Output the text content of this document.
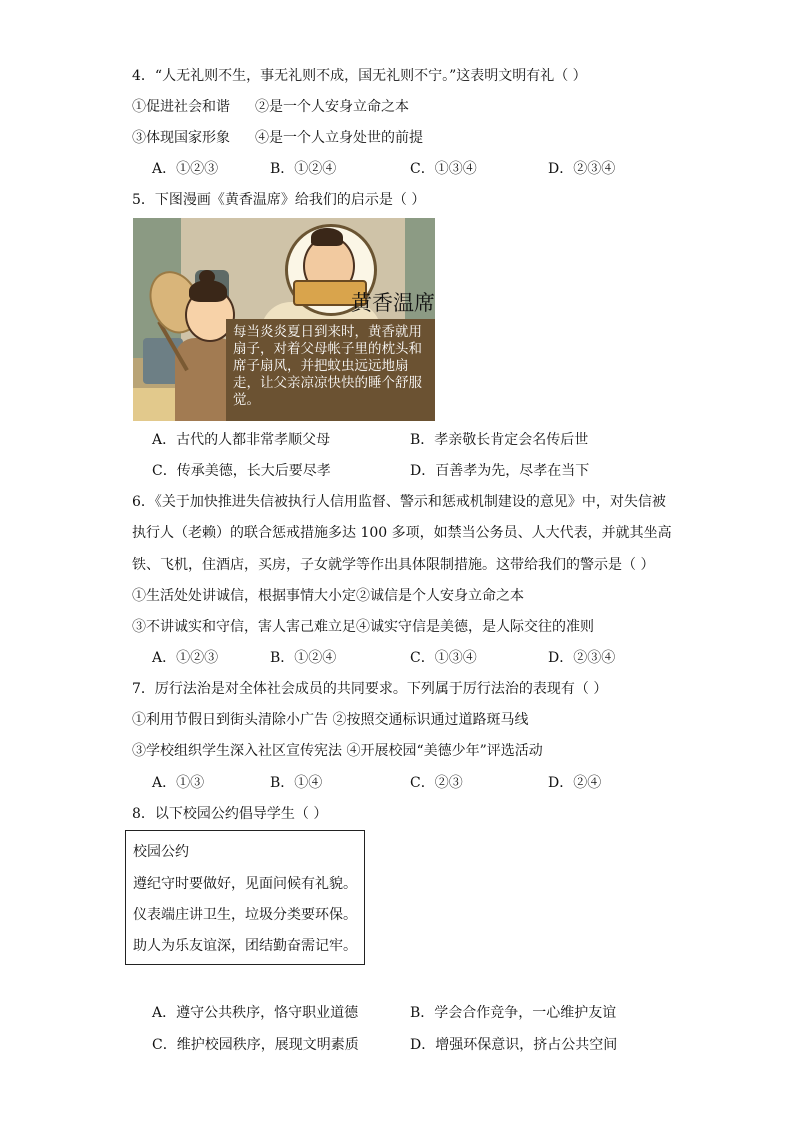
4．“人无礼则不生，事无礼则不成，国无礼则不宁。”这表明文明有礼（ ）
①促进社会和谐 ②是一个人安身立命之本
③体现国家形象 ④是一个人立身处世的前提
A．①②③	B．①②④	C．①③④	D．②③④
5．下图漫画《黄香温席》给我们的启示是（ ）
黄香温席
每当炎炎夏日到来时，黄香就用扇子，对着父母帐子里的枕头和席子扇风，并把蚊虫远远地扇走，让父亲凉凉快快的睡个舒服觉。
A．古代的人都非常孝顺父母	B．孝亲敬长肯定会名传后世
C．传承美德，长大后要尽孝	D．百善孝为先，尽孝在当下
6．《关于加快推进失信被执行人信用监督、警示和惩戒机制建设的意见》中，对失信被
执行人（老赖）的联合惩戒措施多达 100 多项，如禁当公务员、人大代表，并就其坐高
铁、飞机，住酒店，买房，子女就学等作出具体限制措施。这带给我们的警示是（ ）
①生活处处讲诚信，根据事情大小定②诚信是个人安身立命之本
③不讲诚实和守信，害人害己难立足④诚实守信是美德，是人际交往的准则
A．①②③	B．①②④	C．①③④	D．②③④
7．厉行法治是对全体社会成员的共同要求。下列属于厉行法治的表现有（ ）
①利用节假日到街头清除小广告 ②按照交通标识通过道路斑马线
③学校组织学生深入社区宣传宪法 ④开展校园“美德少年”评选活动
A．①③	B．①④	C．②③	D．②④
8．以下校园公约倡导学生（ ）
校园公约
遵纪守时要做好，见面问候有礼貌。
仪表端庄讲卫生，垃圾分类要环保。
助人为乐友谊深，团结勤奋需记牢。
A．遵守公共秩序，恪守职业道德	B．学会合作竞争，一心维护友谊
C．维护校园秩序，展现文明素质	D．增强环保意识，挤占公共空间
